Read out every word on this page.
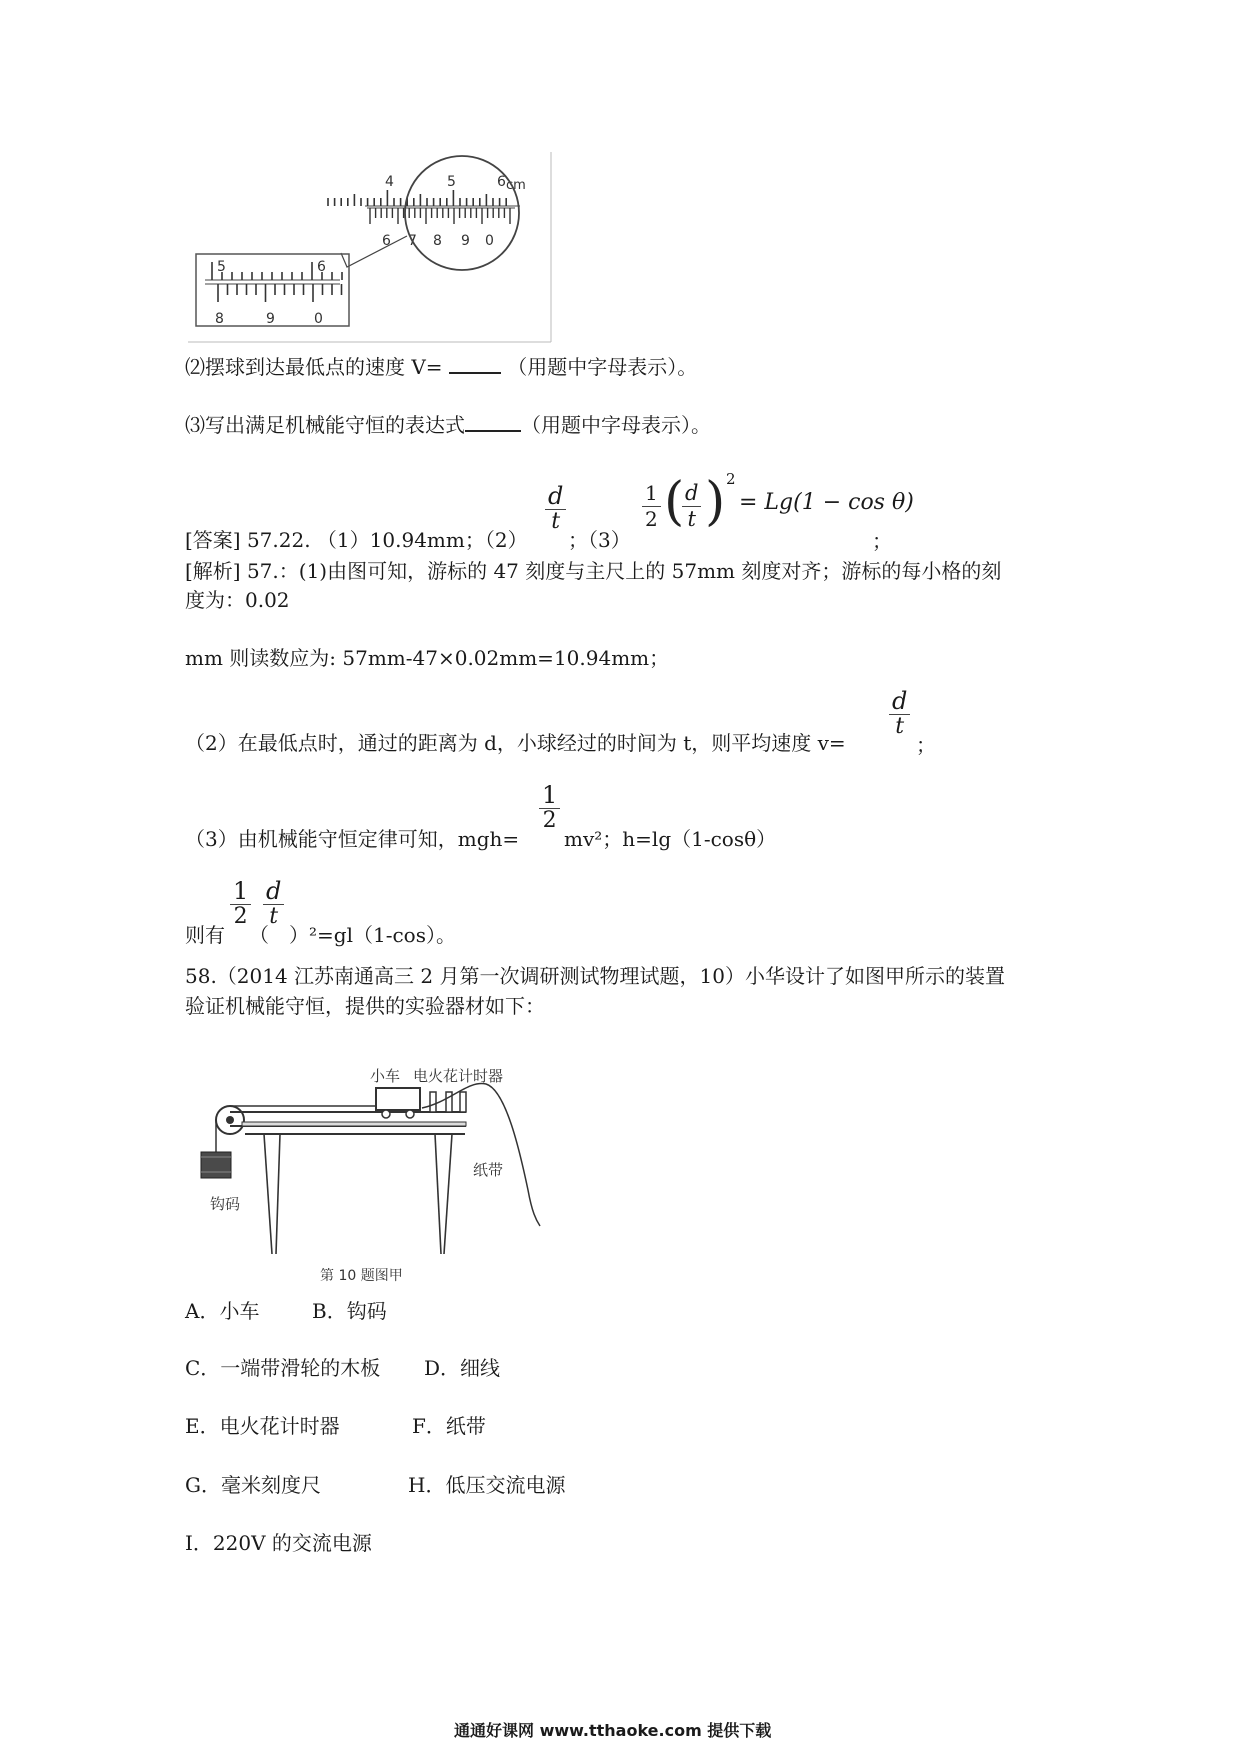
4	5	6 cm
6 7 8 9 0
5	6
8	9	0
⑵摆球到达最低点的速度 V=	（用题中字母表示）。
⑶写出满足机械能守恒的表达式	（用题中字母表示）。
[答案] 57.22. （1）10.94mm；（2）
d
t
；（3）
1
2 ( d
t ) 2
= Lg(1 − cos θ)
；
[解析] 57.：(1)由图可知，游标的 47 刻度与主尺上的 57mm 刻度对齐；游标的每小格的刻
度为：0.02
mm 则读数应为: 57mm-47×0.02mm=10.94mm；
（2）在最低点时，通过的距离为 d，小球经过的时间为 t，则平均速度 v=
d
t
；
（3）由机械能守恒定律可知，mgh=
1
2
mv²；h=lg（1-cosθ）
则有
1
2
（
d
t
）²=gl（1-cos）。
58.（2014 江苏南通高三 2 月第一次调研测试物理试题，10）小华设计了如图甲所示的装置
验证机械能守恒，提供的实验器材如下：
小车 电火花计时器
钩码
纸带
第 10 题图甲
A．小车	B．钩码
C．一端带滑轮的木板 D．细线
E．电火花计时器	F．纸带
G．毫米刻度尺	H．低压交流电源
I．220V 的交流电源
通通好课网 www.tthaoke.com 提供下载
